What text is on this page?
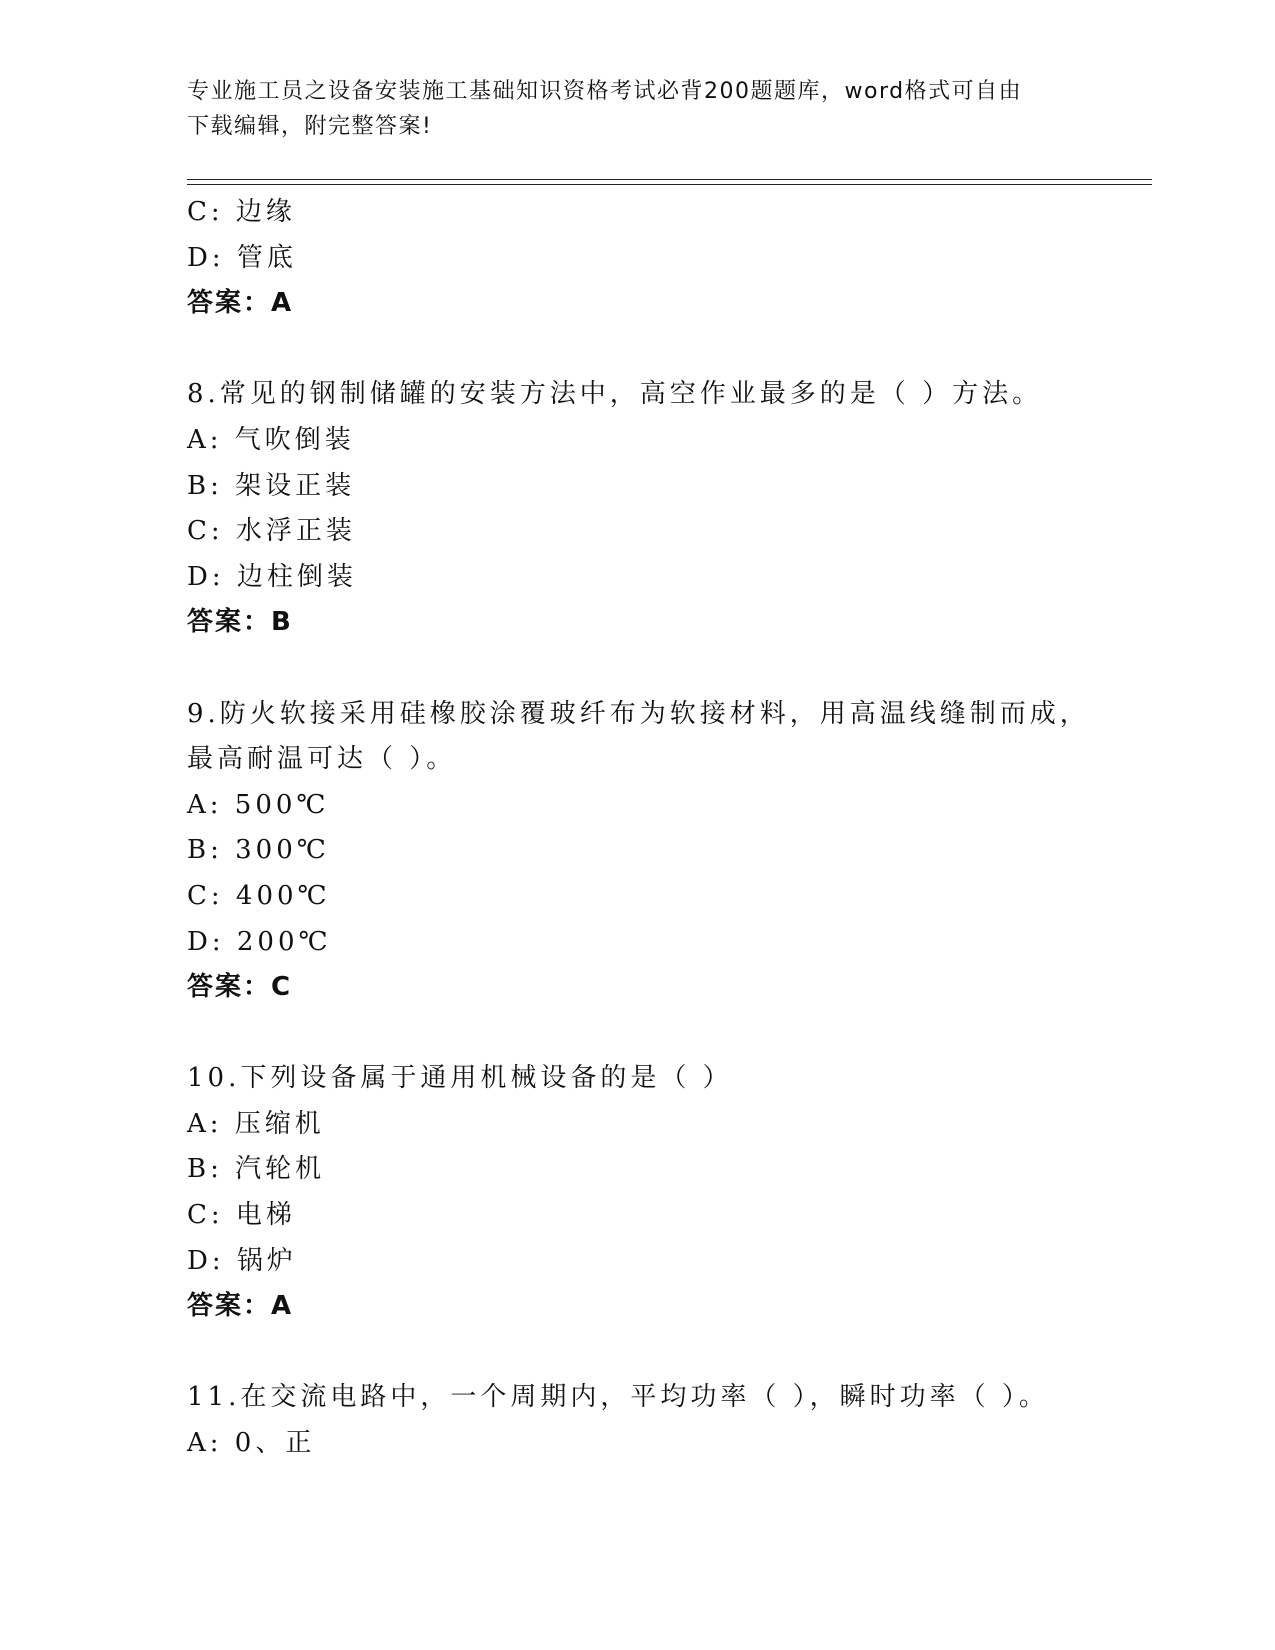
专业施工员之设备安装施工基础知识资格考试必背200题题库，word格式可自由
下载编辑，附完整答案!
C: 边缘
D: 管底
答案：A
8.常见的钢制储罐的安装方法中，高空作业最多的是（ ）方法。
A: 气吹倒装
B: 架设正装
C: 水浮正装
D: 边柱倒装
答案：B
9.防火软接采用硅橡胶涂覆玻纤布为软接材料，用高温线缝制而成，
最高耐温可达（ ）。
A: 500℃
B: 300℃
C: 400℃
D: 200℃
答案：C
10.下列设备属于通用机械设备的是（ ）
A: 压缩机
B: 汽轮机
C: 电梯
D: 锅炉
答案：A
11.在交流电路中，一个周期内，平均功率（ ），瞬时功率（ ）。
A: 0、正
